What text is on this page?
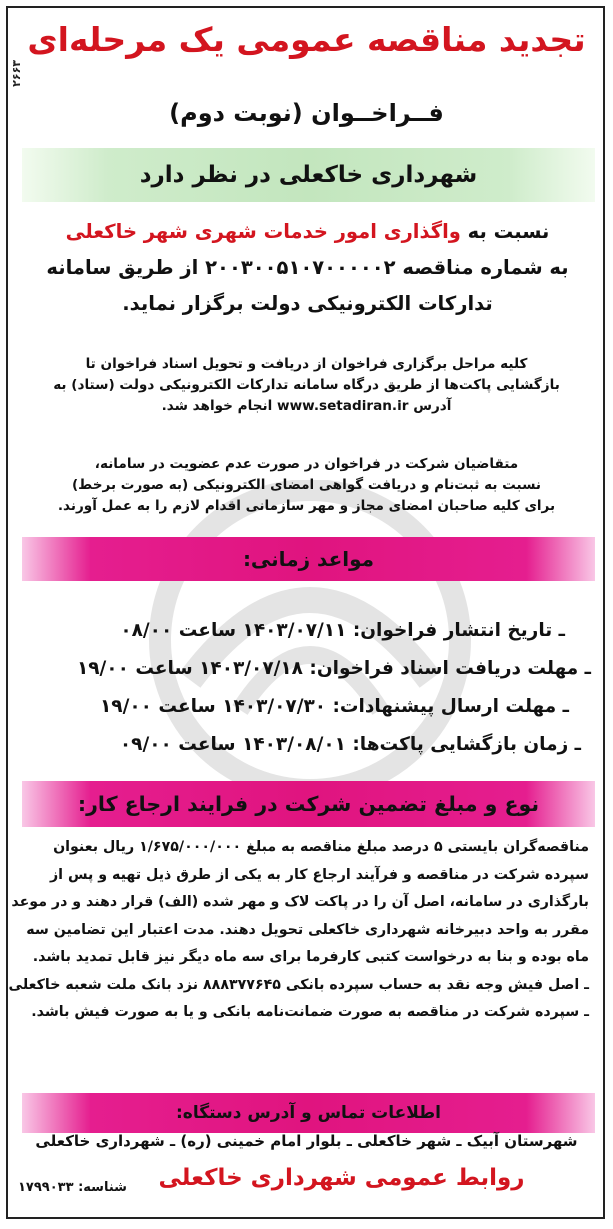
۲۶۶۳
تجدید مناقصه عمومی یک مرحله‌ای
فــراخــوان (نوبت دوم)
شهرداری خاکعلی در نظر دارد
نسبت به واگذاری امور خدمات شهری شهر خاکعلی
به شماره مناقصه ۲۰۰۳۰۰۵۱۰۷۰۰۰۰۰۲ از طریق سامانه
تدارکات الکترونیکی دولت برگزار نماید.
کلیه مراحل برگزاری فراخوان از دریافت و تحویل اسناد فراخوان تا
بازگشایی پاکت‌ها از طریق درگاه سامانه تدارکات الکترونیکی دولت (ستاد) به
آدرس www.setadiran.ir انجام خواهد شد.
متقاضیان شرکت در فراخوان در صورت عدم عضویت در سامانه،
نسبت به ثبت‌نام و دریافت گواهی امضای الکترونیکی (به صورت برخط)
برای کلیه صاحبان امضای مجاز و مهر سازمانی اقدام لازم را به عمل آورند.
مواعد زمانی:
ـ تاریخ انتشار فراخوان: ۱۴۰۳/۰۷/۱۱ ساعت ۰۸/۰۰
ـ مهلت دریافت اسناد فراخوان: ۱۴۰۳/۰۷/۱۸ ساعت ۱۹/۰۰
ـ مهلت ارسال پیشنهادات: ۱۴۰۳/۰۷/۳۰ ساعت ۱۹/۰۰
ـ زمان بازگشایی پاکت‌ها: ۱۴۰۳/۰۸/۰۱ ساعت ۰۹/۰۰
نوع و مبلغ تضمین شرکت در فرایند ارجاع کار:
مناقصه‌گران بایستی ۵ درصد مبلغ مناقصه به مبلغ ۱/۶۷۵/۰۰۰/۰۰۰ ریال بعنوان
سپرده شرکت در مناقصه و فرآیند ارجاع کار به یکی از طرق ذیل تهیه و پس از
بارگذاری در سامانه، اصل آن را در پاکت لاک و مهر شده (الف) قرار دهند و در موعد
مقرر به واحد دبیرخانه شهرداری خاکعلی تحویل دهند. مدت اعتبار این تضامین سه
ماه بوده و بنا به درخواست کتبی کارفرما برای سه ماه دیگر نیز قابل تمدید باشد.
ـ اصل فیش وجه نقد به حساب سپرده بانکی ۸۸۸۳۷۷۶۴۵ نزد بانک ملت شعبه خاکعلی
ـ سپرده شرکت در مناقصه به صورت ضمانت‌نامه بانکی و یا به صورت فیش باشد.
اطلاعات تماس و آدرس دستگاه:
شهرستان آبیک ـ شهر خاکعلی ـ بلوار امام خمینی (ره) ـ شهرداری خاکعلی
روابط عمومی شهرداری خاکعلی
شناسه: ۱۷۹۹۰۳۳
